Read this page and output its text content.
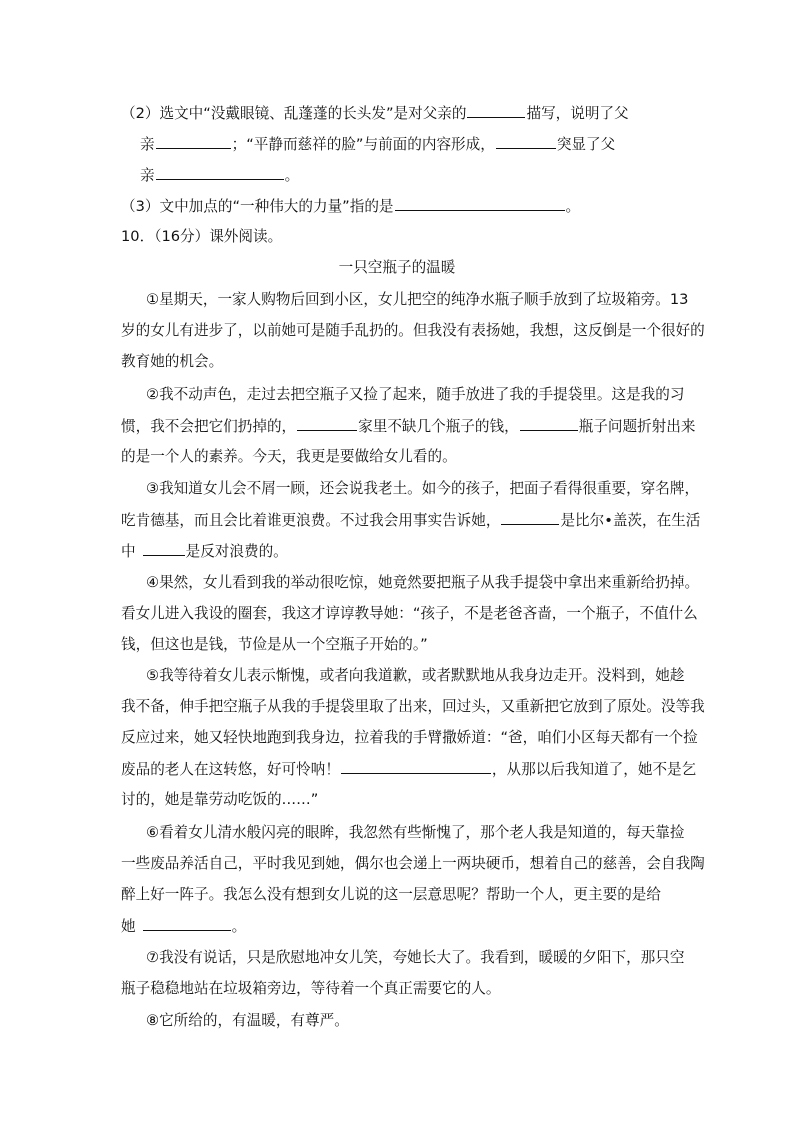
（2）选文中“没戴眼镜、乱蓬蓬的长头发”是对父亲的	描写，说明了父
亲	；“平静而慈祥的脸”与前面的内容形成，	突显了父
亲	。
（3）文中加点的“一种伟大的力量”指的是	。
10．（16分）课外阅读。
一只空瓶子的温暖
①星期天，一家人购物后回到小区，女儿把空的纯净水瓶子顺手放到了垃圾箱旁。13
岁的女儿有进步了，以前她可是随手乱扔的。但我没有表扬她，我想，这反倒是一个很好的
教育她的机会。
②我不动声色，走过去把空瓶子又捡了起来，随手放进了我的手提袋里。这是我的习
惯，我不会把它们扔掉的，	家里不缺几个瓶子的钱，	瓶子问题折射出来
的是一个人的素养。今天，我更是要做给女儿看的。
③我知道女儿会不屑一顾，还会说我老土。如今的孩子，把面子看得很重要，穿名牌，
吃肯德基，而且会比着谁更浪费。不过我会用事实告诉她，	是比尔•盖茨，在生活
中	是反对浪费的。
④果然，女儿看到我的举动很吃惊，她竟然要把瓶子从我手提袋中拿出来重新给扔掉。
看女儿进入我设的圈套，我这才谆谆教导她：“孩子，不是老爸吝啬，一个瓶子，不值什么
钱，但这也是钱，节俭是从一个空瓶子开始的。”
⑤我等待着女儿表示惭愧，或者向我道歉，或者默默地从我身边走开。没料到，她趁
我不备，伸手把空瓶子从我的手提袋里取了出来，回过头，又重新把它放到了原处。没等我
反应过来，她又轻快地跑到我身边，拉着我的手臂撒娇道：“爸，咱们小区每天都有一个捡
废品的老人在这转悠，好可怜呐！	，从那以后我知道了，她不是乞
讨的，她是靠劳动吃饭的……”
⑥看着女儿清水般闪亮的眼眸，我忽然有些惭愧了，那个老人我是知道的，每天靠捡
一些废品养活自己，平时我见到她，偶尔也会递上一两块硬币，想着自己的慈善，会自我陶
醉上好一阵子。我怎么没有想到女儿说的这一层意思呢？帮助一个人，更主要的是给
她	。
⑦我没有说话，只是欣慰地冲女儿笑，夸她长大了。我看到，暖暖的夕阳下，那只空
瓶子稳稳地站在垃圾箱旁边，等待着一个真正需要它的人。
⑧它所给的，有温暖，有尊严。
